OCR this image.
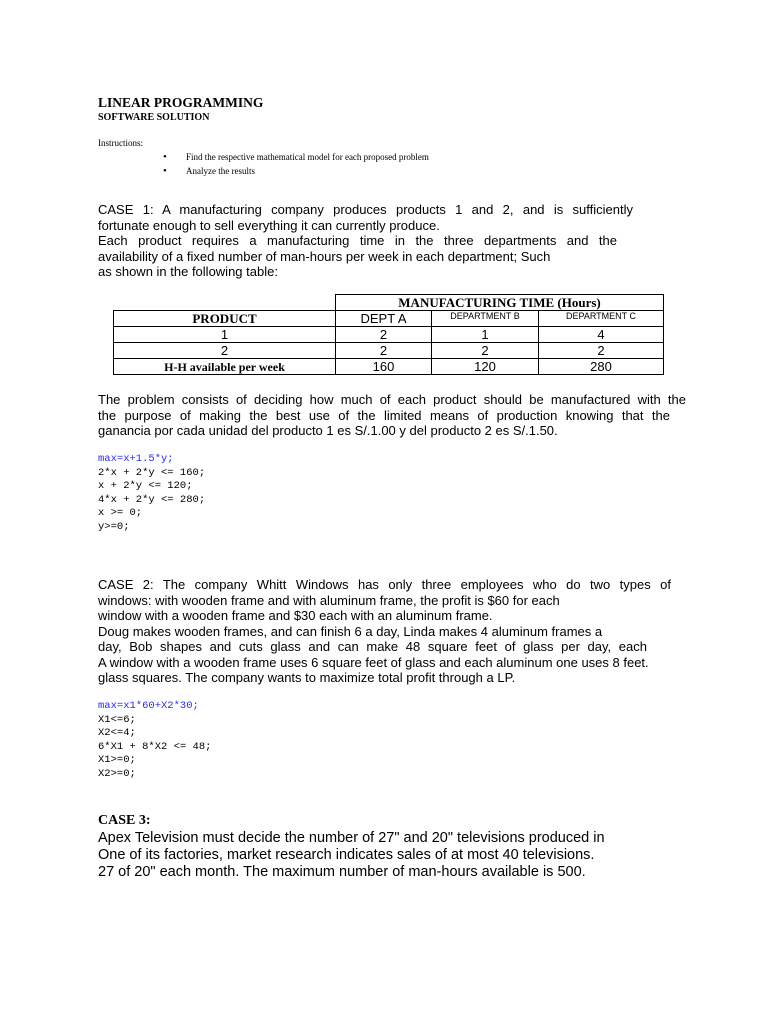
LINEAR PROGRAMMING
SOFTWARE SOLUTION
Instructions:
• Find the respective mathematical model for each proposed problem
• Analyze the results
CASE 1: A manufacturing company produces products 1 and 2, and is sufficiently
fortunate enough to sell everything it can currently produce.
Each product requires a manufacturing time in the three departments and the
availability of a fixed number of man-hours per week in each department; Such
as shown in the following table:
	MANUFACTURING TIME (Hours)		
PRODUCT	DEPT A	DEPARTMENT B	DEPARTMENT C
1	2	1	4
2	2	2	2
H-H available per week	160	120	280
The problem consists of deciding how much of each product should be manufactured with the
the purpose of making the best use of the limited means of production knowing that the
ganancia por cada unidad del producto 1 es S/.1.00 y del producto 2 es S/.1.50.
max=x+1.5*y;
2*x + 2*y <= 160;
x + 2*y <= 120;
4*x + 2*y <= 280;
x >= 0;
y>=0;
CASE 2: The company Whitt Windows has only three employees who do two types of
windows: with wooden frame and with aluminum frame, the profit is $60 for each
window with a wooden frame and $30 each with an aluminum frame.
Doug makes wooden frames, and can finish 6 a day, Linda makes 4 aluminum frames a
day, Bob shapes and cuts glass and can make 48 square feet of glass per day, each
A window with a wooden frame uses 6 square feet of glass and each aluminum one uses 8 feet.
glass squares. The company wants to maximize total profit through a LP.
max=x1*60+X2*30;
X1<=6;
X2<=4;
6*X1 + 8*X2 <= 48;
X1>=0;
X2>=0;
CASE 3:
Apex Television must decide the number of 27" and 20" televisions produced in
One of its factories, market research indicates sales of at most 40 televisions.
27 of 20" each month. The maximum number of man-hours available is 500.
